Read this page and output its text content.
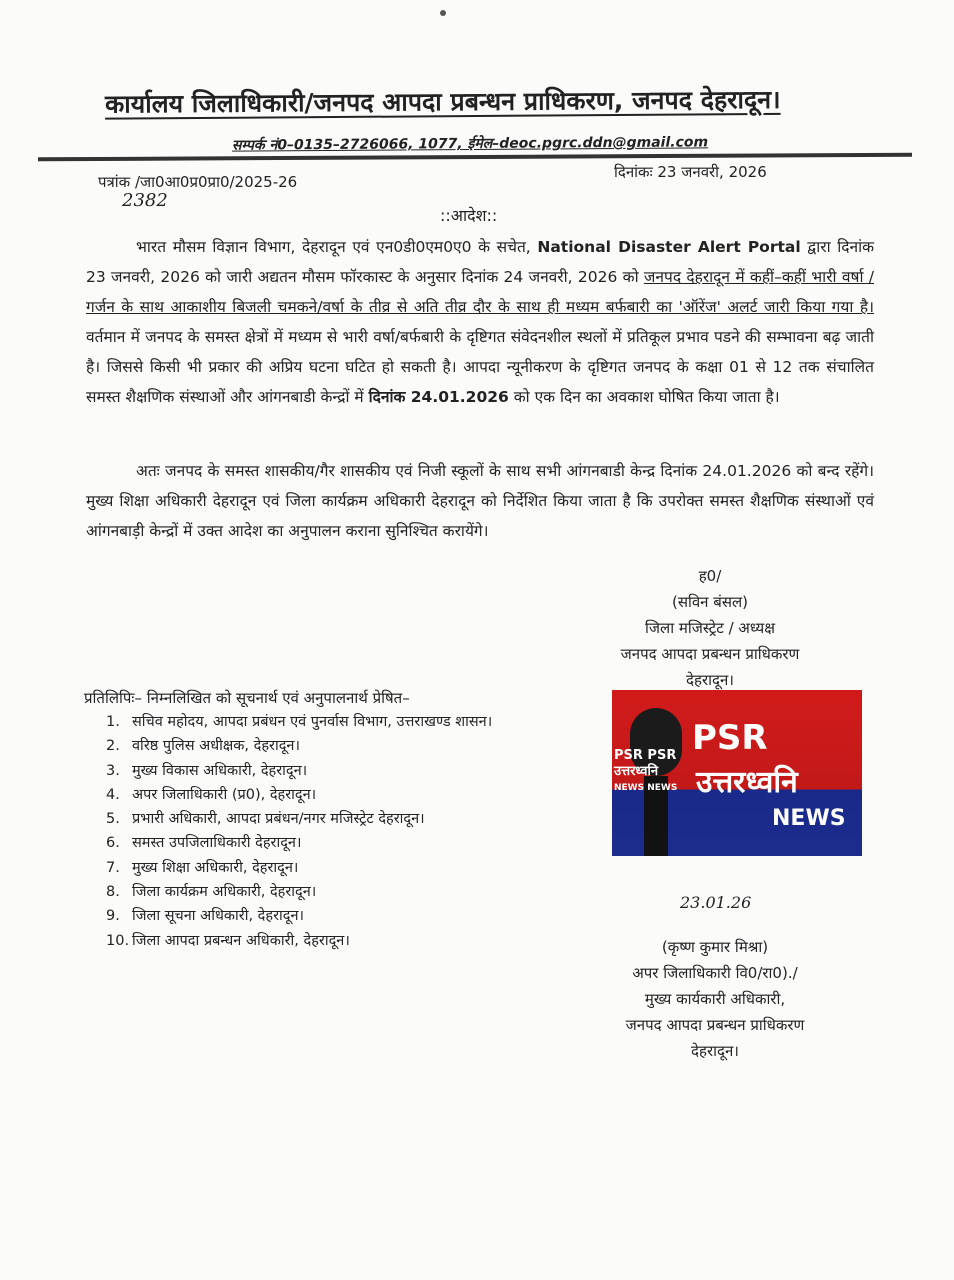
कार्यालय जिलाधिकारी/जनपद आपदा प्रबन्धन प्राधिकरण, जनपद देहरादून।
सम्पर्क नं0–0135–2726066, 1077, ईमेल–deoc.pgrc.ddn@gmail.com
पत्रांक /जा0आ0प्र0प्रा0/2025-26
2382
दिनांकः 23 जनवरी, 2026
::आदेश::
भारत मौसम विज्ञान विभाग, देहरादून एवं एन0डी0एम0ए0 के सचेत, National Disaster Alert Portal द्वारा दिनांक 23 जनवरी, 2026 को जारी अद्यतन मौसम फॉरकास्ट के अनुसार दिनांक 24 जनवरी, 2026 को जनपद देहरादून में कहीं–कहीं भारी वर्षा /गर्जन के साथ आकाशीय बिजली चमकने/वर्षा के तीव्र से अति तीव्र दौर के साथ ही मध्यम बर्फबारी का 'ऑरेंज' अलर्ट जारी किया गया है। वर्तमान में जनपद के समस्त क्षेत्रों में मध्यम से भारी वर्षा/बर्फबारी के दृष्टिगत संवेदनशील स्थलों में प्रतिकूल प्रभाव पडने की सम्भावना बढ़ जाती है। जिससे किसी भी प्रकार की अप्रिय घटना घटित हो सकती है। आपदा न्यूनीकरण के दृष्टिगत जनपद के कक्षा 01 से 12 तक संचालित समस्त शैक्षणिक संस्थाओं और आंगनबाडी केन्द्रों में दिनांक 24.01.2026 को एक दिन का अवकाश घोषित किया जाता है।
अतः जनपद के समस्त शासकीय/गैर शासकीय एवं निजी स्कूलों के साथ सभी आंगनबाडी केन्द्र दिनांक 24.01.2026 को बन्द रहेंगे। मुख्य शिक्षा अधिकारी देहरादून एवं जिला कार्यक्रम अधिकारी देहरादून को निर्देशित किया जाता है कि उपरोक्त समस्त शैक्षणिक संस्थाओं एवं आंगनबाड़ी केन्द्रों में उक्त आदेश का अनुपालन कराना सुनिश्चित करायेंगे।
ह0/
(सविन बंसल)
जिला मजिस्ट्रेट / अध्यक्ष
जनपद आपदा प्रबन्धन प्राधिकरण
देहरादून।
प्रतिलिपिः– निम्नलिखित को सूचनार्थ एवं अनुपालनार्थ प्रेषित–
1. सचिव महोदय, आपदा प्रबंधन एवं पुनर्वास विभाग, उत्तराखण्ड शासन।
2. वरिष्ठ पुलिस अधीक्षक, देहरादून।
3. मुख्य विकास अधिकारी, देहरादून।
4. अपर जिलाधिकारी (प्र0), देहरादून।
5. प्रभारी अधिकारी, आपदा प्रबंधन/नगर मजिस्ट्रेट देहरादून।
6. समस्त उपजिलाधिकारी देहरादून।
7. मुख्य शिक्षा अधिकारी, देहरादून।
8. जिला कार्यक्रम अधिकारी, देहरादून।
9. जिला सूचना अधिकारी, देहरादून।
10. जिला आपदा प्रबन्धन अधिकारी, देहरादून।
PSR PSR
उत्तरध्वनि
NEWS NEWS
PSR
उत्तरध्वनि
NEWS
23.01.26
(कृष्ण कुमार मिश्रा)
अपर जिलाधिकारी वि0/रा0)./
मुख्य कार्यकारी अधिकारी,
जनपद आपदा प्रबन्धन प्राधिकरण
देहरादून।
